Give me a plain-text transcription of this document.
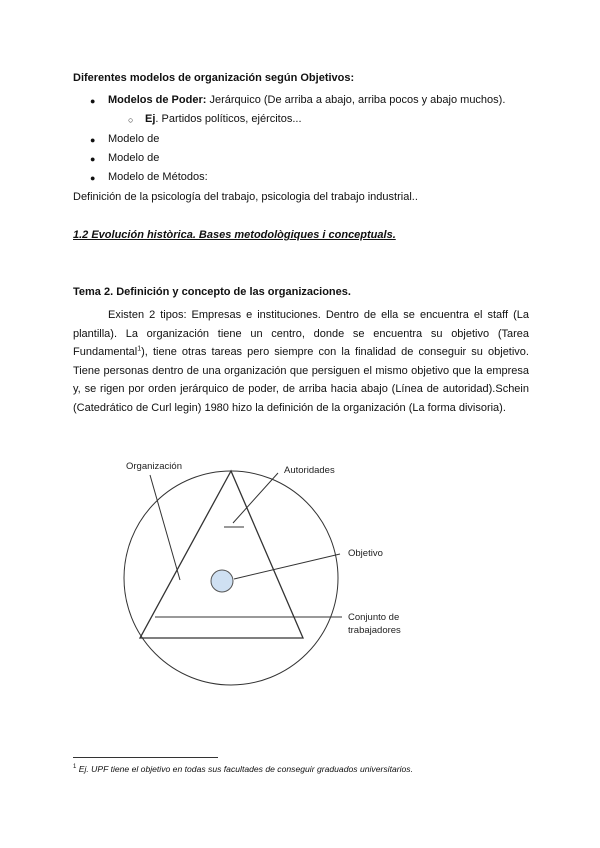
Diferentes modelos de organización según Objetivos:
● Modelos de Poder: Jerárquico (De arriba a abajo, arriba pocos y abajo muchos).
○ Ej. Partidos políticos, ejércitos...
● Modelo de
● Modelo de
● Modelo de Métodos:
Definición de la psicología del trabajo, psicologia del trabajo industrial..
1.2 Evolución històrica. Bases metodològiques i conceptuals.
Tema 2. Definición y concepto de las organizaciones.
Existen 2 tipos: Empresas e instituciones. Dentro de ella se encuentra el staff (La plantilla). La organización tiene un centro, donde se encuentra su objetivo (Tarea Fundamental$^1$), tiene otras tareas pero siempre con la finalidad de conseguir su objetivo. Tiene personas dentro de una organización que persiguen el mismo objetivo que la empresa y, se rigen por orden jerárquico de poder, de arriba hacia abajo (Línea de autoridad).Schein (Catedrático de Curl legin) 1980 hizo la definición de la organización (La forma divisoria).
Organización	Autoridades
Objetivo
Conjunto de
trabajadores
$^1$ Ej. UPF tiene el objetivo en todas sus facultades de conseguir graduados universitarios.
